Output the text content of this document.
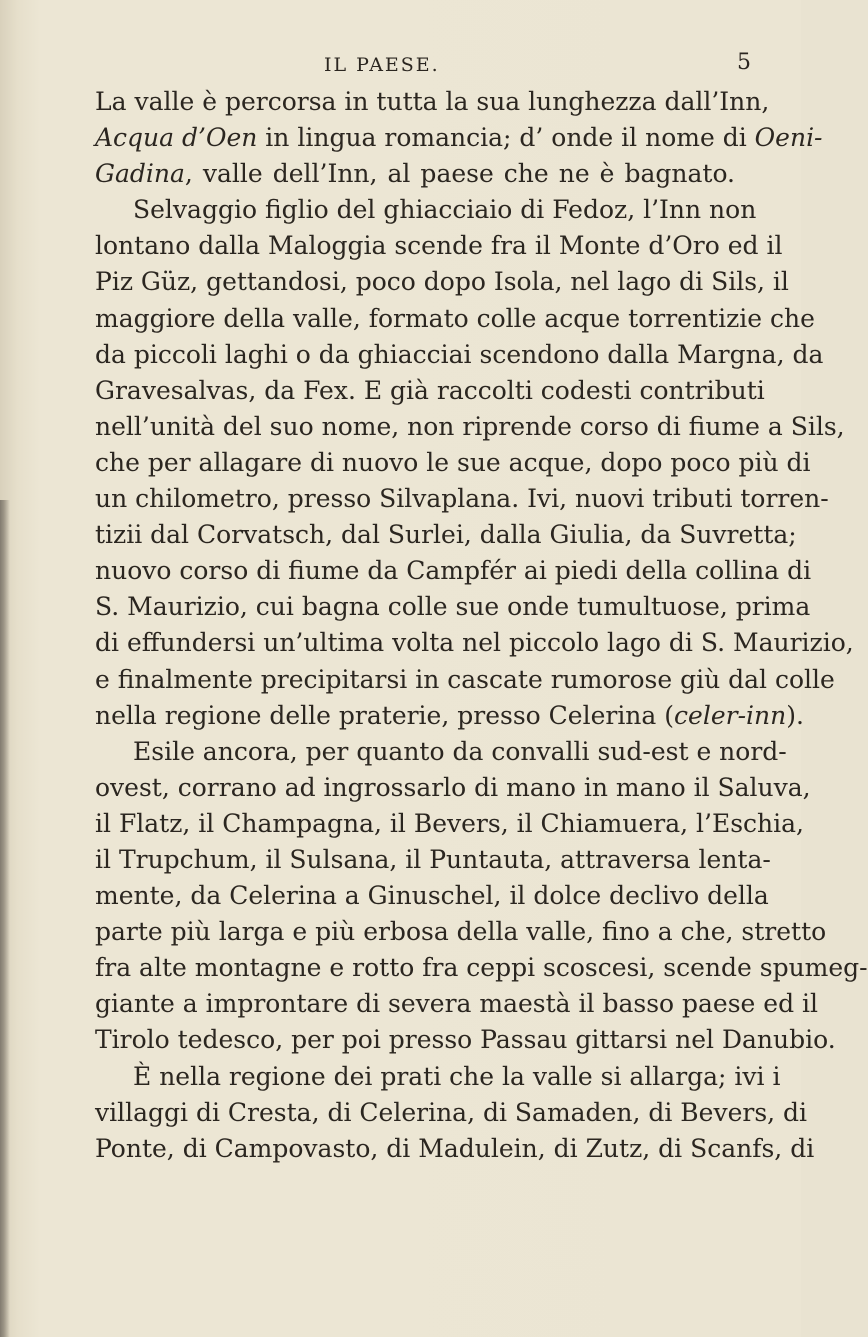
IL PAESE.	5

La valle è percorsa in tutta la sua lunghezza dall’Inn,

Acqua d’Oen in lingua romancia; d’ onde il nome di Oeni-

Gadina, valle dell’Inn, al paese che ne è bagnato.

Selvaggio figlio del ghiacciaio di Fedoz, l’Inn non

lontano dalla Maloggia scende fra il Monte d’Oro ed il

Piz Güz, gettandosi, poco dopo Isola, nel lago di Sils, il

maggiore della valle, formato colle acque torrentizie che

da piccoli laghi o da ghiacciai scendono dalla Margna, da

Gravesalvas, da Fex. E già raccolti codesti contributi

nell’unità del suo nome, non riprende corso di fiume a Sils,

che per allagare di nuovo le sue acque, dopo poco più di

un chilometro, presso Silvaplana. Ivi, nuovi tributi torren-

tizii dal Corvatsch, dal Surlei, dalla Giulia, da Suvretta;

nuovo corso di fiume da Campfér ai piedi della collina di

S. Maurizio, cui bagna colle sue onde tumultuose, prima

di effundersi un’ultima volta nel piccolo lago di S. Maurizio,

e finalmente precipitarsi in cascate rumorose giù dal colle

nella regione delle praterie, presso Celerina (celer-inn).

Esile ancora, per quanto da convalli sud-est e nord-

ovest, corrano ad ingrossarlo di mano in mano il Saluva,

il Flatz, il Champagna, il Bevers, il Chiamuera, l’Eschia,

il Trupchum, il Sulsana, il Puntauta, attraversa lenta-

mente, da Celerina a Ginuschel, il dolce declivo della

parte più larga e più erbosa della valle, fino a che, stretto

fra alte montagne e rotto fra ceppi scoscesi, scende spumeg-

giante a improntare di severa maestà il basso paese ed il

Tirolo tedesco, per poi presso Passau gittarsi nel Danubio.

È nella regione dei prati che la valle si allarga; ivi i

villaggi di Cresta, di Celerina, di Samaden, di Bevers, di

Ponte, di Campovasto, di Madulein, di Zutz, di Scanfs, di
